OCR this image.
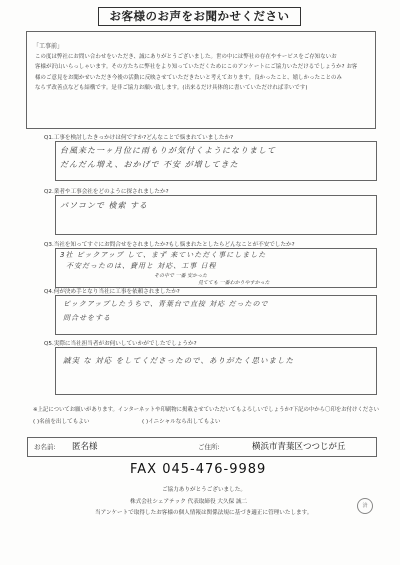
お客様のお声をお聞かせください
「工事前」
この度は弊社にお問い合わせをいただき、誠にありがとうございました。世の中には弊社の存在やサービスをご存知ないお
客様が沢山いらっしゃいます。その方たちに弊社をより知っていただくためにこのアンケートにご協力いただけるでしょうか? お客
様のご意見をお聞かせいただき今後の活動に反映させていただきたいと考えております。良かったこと、嬉しかったことのみ
ならず改善点なども結構です。是非ご協力お願い致します。(出来るだけ具体的に書いていただければ幸いです)
Q1.工事を検討したきっかけは何ですか?どんなことで悩まれていましたか?
台風来た一ヶ月位に雨もりが気付くようになりまして
だんだん増え、おかげで 不安 が増してきた
Q2.業者や工事会社をどのように探されましたか?
パソコンで 検索 する
Q3.当社を知ってすぐにお問合せをされましたか?もし悩まれたとしたらどんなことが不安でしたか?
3社 ピックアップ して、まず 来ていただく事にしました
不安だったのは、費用と 対応、工事 日程
その中で 一番 安かった
見てても 一番わかりやすかった
Q4.何が決め手となり当社に工事を依頼されましたか?
ピックアップしたうちで、青葉台で直接 対応 だったので
問合せをする
Q5.実際に当社担当者がお伺いしていかがでしたでしょうか?
誠実 な 対応 をしてくださったので、ありがたく思いました
※上記についてお願いがあります。インターネットや印刷物に掲載させていただいてもよろしいでしょうか?下記の中から〇印をお付けください
( )名前を出してもよい	( )イニシャルなら出してもよい
お名前: 匿名様	ご住所:	横浜市青葉区つつじが丘
FAX 045-476-9989
ご協力ありがとうございました。
株式会社シェアテック 代表取締役 大久保 誠二
当アンケートで取得したお客様の個人情報は関係法規に基づき適正に管理いたします。
済
